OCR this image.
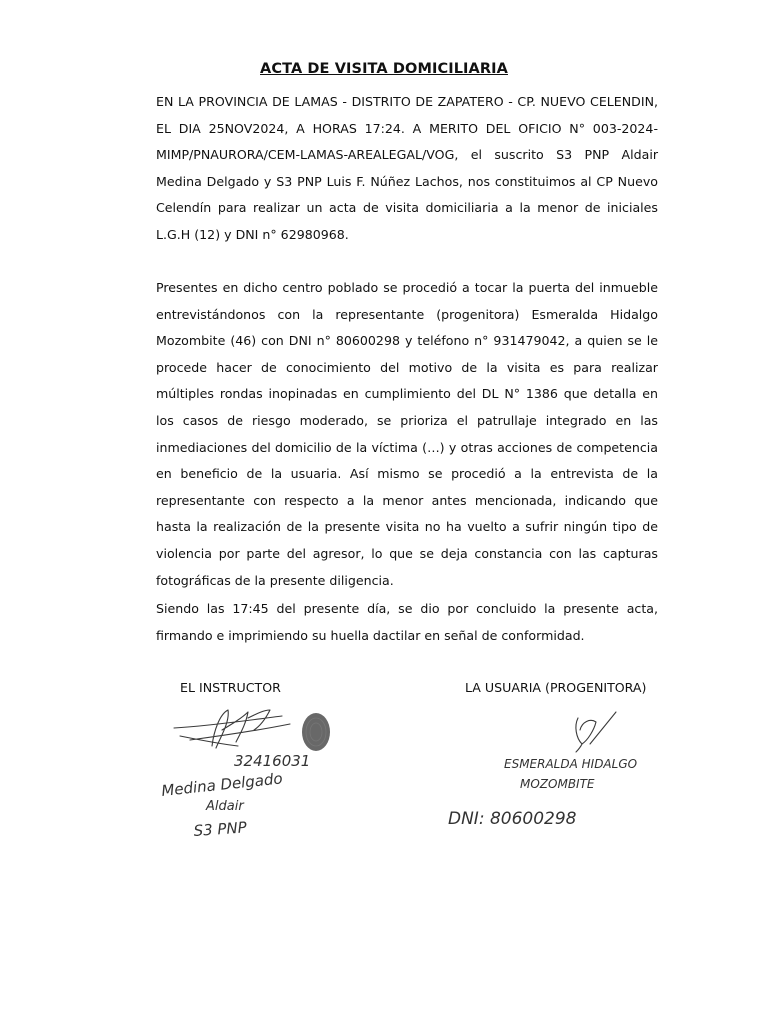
ACTA DE VISITA DOMICILIARIA

EN LA PROVINCIA DE LAMAS - DISTRITO DE ZAPATERO - CP. NUEVO CELENDIN, EL DIA 25NOV2024, A HORAS 17:24. A MERITO DEL OFICIO N° 003-2024-MIMP/PNAURORA/CEM-LAMAS-AREALEGAL/VOG, el suscrito S3 PNP Aldair Medina Delgado y S3 PNP Luis F. Núñez Lachos, nos constituimos al CP Nuevo Celendín para realizar un acta de visita domiciliaria a la menor de iniciales L.G.H (12) y DNI n° 62980968.

Presentes en dicho centro poblado se procedió a tocar la puerta del inmueble entrevistándonos con la representante (progenitora) Esmeralda Hidalgo Mozombite (46) con DNI n° 80600298 y teléfono n° 931479042, a quien se le procede hacer de conocimiento del motivo de la visita es para realizar múltiples rondas inopinadas en cumplimiento del DL N° 1386 que detalla en los casos de riesgo moderado, se prioriza el patrullaje integrado en las inmediaciones del domicilio de la víctima (…) y otras acciones de competencia en beneficio de la usuaria. Así mismo se procedió a la entrevista de la representante con respecto a la menor antes mencionada, indicando que hasta la realización de la presente visita no ha vuelto a sufrir ningún tipo de violencia por parte del agresor, lo que se deja constancia con las capturas fotográficas de la presente diligencia.

Siendo las 17:45 del presente día, se dio por concluido la presente acta, firmando e imprimiendo su huella dactilar en señal de conformidad.

EL INSTRUCTOR	LA USUARIA (PROGENITORA)
32416031
Medina Delgado
Aldair
S3 PNP
ESMERALDA HIDALGO
MOZOMBITE
DNI: 80600298
